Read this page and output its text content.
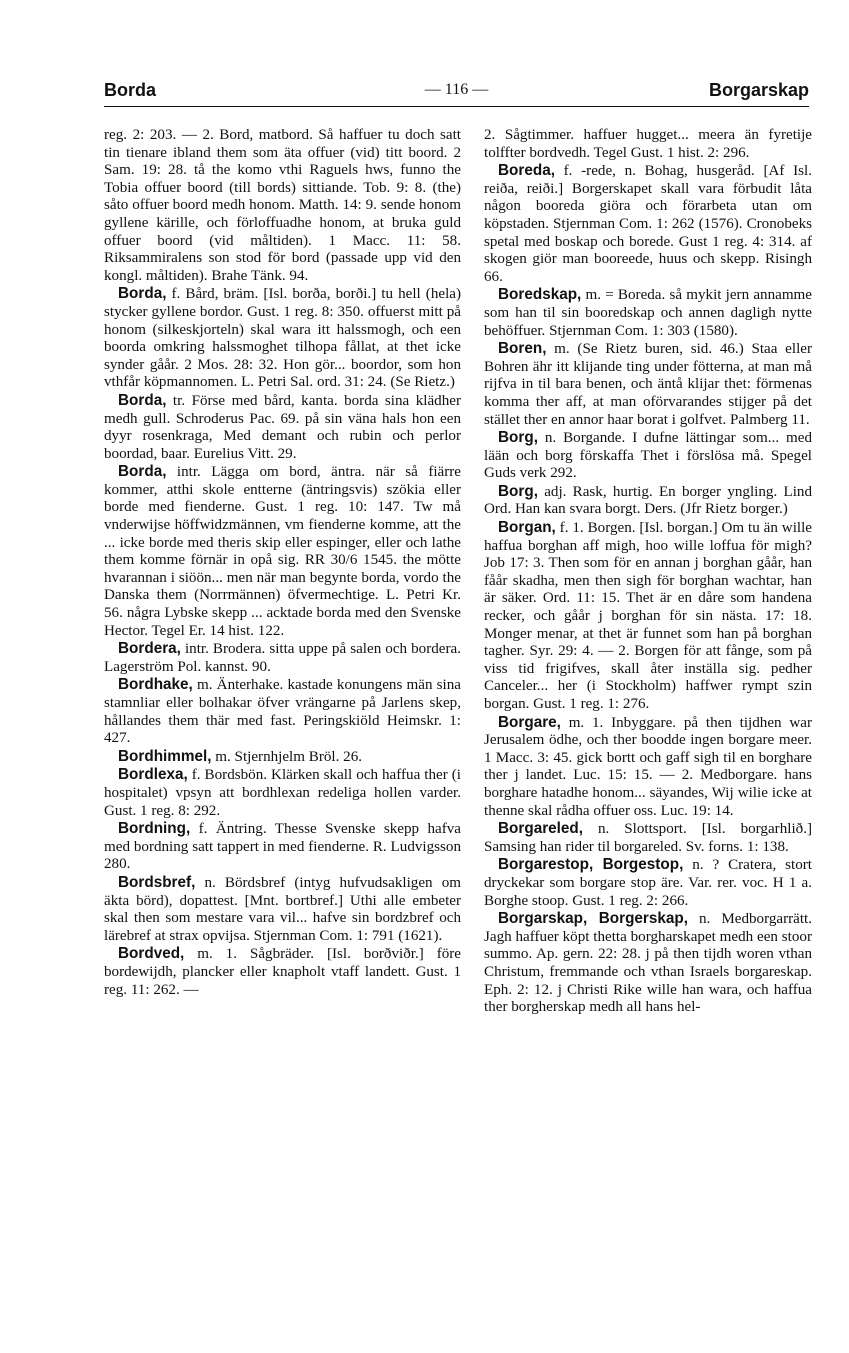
Borda	— 116 —	Borgarskap

reg. 2: 203. — 2. Bord, matbord. Så haffuer tu doch satt tin tienare ibland them som äta offuer (vid) titt boord. 2 Sam. 19: 28. tå the komo vthi Raguels hws, funno the Tobia offuer boord (till bords) sittiande. Tob. 9: 8. (the) såto offuer boord medh honom. Matth. 14: 9. sende honom gyllene kärille, och förloffuadhe honom, at bruka guld offuer boord (vid måltiden). 1 Macc. 11: 58. Riksammiralens son stod för bord (passade upp vid den kongl. måltiden). Brahe Tänk. 94.

Borda, f. Bård, bräm. [Isl. borða, borði.] tu hell (hela) stycker gyllene bordor. Gust. 1 reg. 8: 350. offuerst mitt på honom (silkeskjorteln) skal wara itt halssmogh, och een boorda omkring halssmoghet tilhopa fållat, at thet icke synder gåår. 2 Mos. 28: 32. Hon gör... boordor, som hon vthfår köpmannomen. L. Petri Sal. ord. 31: 24. (Se Rietz.)

Borda, tr. Förse med bård, kanta. borda sina klädher medh gull. Schroderus Pac. 69. på sin väna hals hon een dyyr rosenkraga, Med demant och rubin och perlor boordad, baar. Eurelius Vitt. 29.

Borda, intr. Lägga om bord, äntra. när så fiärre kommer, atthi skole entterne (äntringsvis) szökia eller borde med fienderne. Gust. 1 reg. 10: 147. Tw må vnderwijse höffwidzmännen, vm fienderne komme, att the ... icke borde med theris skip eller espinger, eller och lathe them komme förnär in opå sig. RR 30/6 1545. the mötte hvarannan i siöön... men när man begynte borda, vordo the Danska them (Norrmännen) öfvermechtige. L. Petri Kr. 56. några Lybske skepp ... acktade borda med den Svenske Hector. Tegel Er. 14 hist. 122.

Bordera, intr. Brodera. sitta uppe på salen och bordera. Lagerström Pol. kannst. 90.

Bordhake, m. Änterhake. kastade konungens män sina stamnliar eller bolhakar öfver vrängarne på Jarlens skep, hållandes them thär med fast. Peringskiöld Heimskr. 1: 427.

Bordhimmel, m. Stjernhjelm Bröl. 26.

Bordlexa, f. Bordsbön. Klärken skall och haffua ther (i hospitalet) vpsyn att bordhlexan redeliga hollen varder. Gust. 1 reg. 8: 292.

Bordning, f. Äntring. Thesse Svenske skepp hafva med bordning satt tappert in med fienderne. R. Ludvigsson 280.

Bordsbref, n. Bördsbref (intyg hufvudsakligen om äkta börd), dopattest. [Mnt. bortbref.] Uthi alle embeter skal then som mestare vara vil... hafve sin bordzbref och lärebref at strax opvijsa. Stjernman Com. 1: 791 (1621).

Bordved, m. 1. Sågbräder. [Isl. borðviðr.] före bordewijdh, plancker eller knapholt vtaff landett. Gust. 1 reg. 11: 262. —

2. Sågtimmer. haffuer hugget... meera än fyretije tolffter bordvedh. Tegel Gust. 1 hist. 2: 296.

Boreda, f. -rede, n. Bohag, husgeråd. [Af Isl. reiða, reiði.] Borgerskapet skall vara förbudit låta någon booreda giöra och förarbeta utan om köpstaden. Stjernman Com. 1: 262 (1576). Cronobeks spetal med boskap och borede. Gust 1 reg. 4: 314. af skogen giör man booreede, huus och skepp. Risingh 66.

Boredskap, m. = Boreda. så mykit jern annamme som han til sin booredskap och annen dagligh nytte behöffuer. Stjernman Com. 1: 303 (1580).

Boren, m. (Se Rietz buren, sid. 46.) Staa eller Bohren ähr itt klijande ting under fötterna, at man må rijfva in til bara benen, och äntå klijar thet: förmenas komma ther aff, at man oförvarandes stijger på det stället ther en annor haar borat i golfvet. Palmberg 11.

Borg, n. Borgande. I dufne lättingar som... med lään och borg förskaffa Thet i förslösa må. Spegel Guds verk 292.

Borg, adj. Rask, hurtig. En borger yngling. Lind Ord. Han kan svara borgt. Ders. (Jfr Rietz borger.)

Borgan, f. 1. Borgen. [Isl. borgan.] Om tu än wille haffua borghan aff migh, hoo wille loffua för migh? Job 17: 3. Then som för en annan j borghan gåår, han fåår skadha, men then sigh för borghan wachtar, han är säker. Ord. 11: 15. Thet är en dåre som handena recker, och gåår j borghan för sin nästa. 17: 18. Monger menar, at thet är funnet som han på borghan tagher. Syr. 29: 4. — 2. Borgen för att fånge, som på viss tid frigifves, skall åter inställa sig. pedher Canceler... her (i Stockholm) haffwer rympt szin borgan. Gust. 1 reg. 1: 276.

Borgare, m. 1. Inbyggare. på then tijdhen war Jerusalem ödhe, och ther boodde ingen borgare meer. 1 Macc. 3: 45. gick bortt och gaff sigh til en borghare ther j landet. Luc. 15: 15. — 2. Medborgare. hans borghare hatadhe honom... säyandes, Wij wilie icke at thenne skal rådha offuer oss. Luc. 19: 14.

Borgareled, n. Slottsport. [Isl. borgarhlið.] Samsing han rider til borgareled. Sv. forns. 1: 138.

Borgarestop, Borgestop, n. ? Cratera, stort dryckekar som borgare stop äre. Var. rer. voc. H 1 a. Borghe stoop. Gust. 1 reg. 2: 266.

Borgarskap, Borgerskap, n. Medborgarrätt. Jagh haffuer köpt thetta borgharskapet medh een stoor summo. Ap. gern. 22: 28. j på then tijdh woren vthan Christum, fremmande och vthan Israels borgareskap. Eph. 2: 12. j Christi Rike wille han wara, och haffua ther borgherskap medh all hans hel-
